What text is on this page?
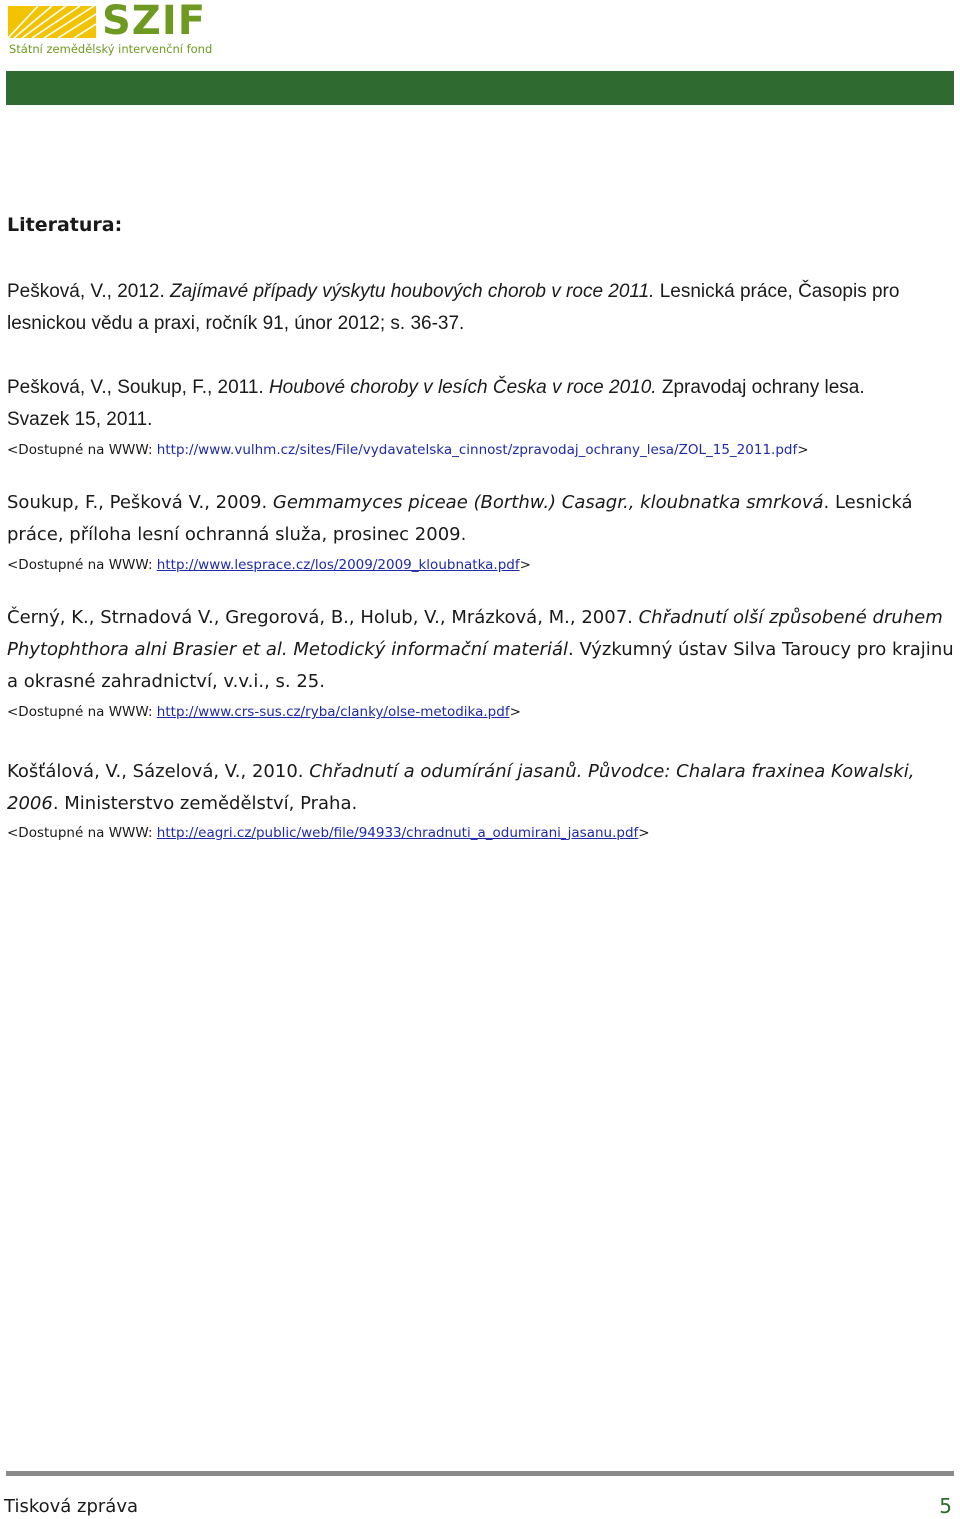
SZIF
Státní zemědělský intervenční fond
Literatura:
Pešková, V., 2012. Zajímavé případy výskytu houbových chorob v roce 2011. Lesnická práce, Časopis pro
lesnickou vědu a praxi, ročník 91, únor 2012; s. 36-37.
Pešková, V., Soukup, F., 2011. Houbové choroby v lesích Česka v roce 2010. Zpravodaj ochrany lesa.
Svazek 15, 2011.
<Dostupné na WWW: http://www.vulhm.cz/sites/File/vydavatelska_cinnost/zpravodaj_ochrany_lesa/ZOL_15_2011.pdf>
Soukup, F., Pešková V., 2009. Gemmamyces piceae (Borthw.) Casagr., kloubnatka smrková. Lesnická
práce, příloha lesní ochranná služa, prosinec 2009.
<Dostupné na WWW: http://www.lesprace.cz/los/2009/2009_kloubnatka.pdf>
Černý, K., Strnadová V., Gregorová, B., Holub, V., Mrázková, M., 2007. Chřadnutí olší způsobené druhem
Phytophthora alni Brasier et al. Metodický informační materiál. Výzkumný ústav Silva Taroucy pro krajinu
a okrasné zahradnictví, v.v.i., s. 25.
<Dostupné na WWW: http://www.crs-sus.cz/ryba/clanky/olse-metodika.pdf>
Košťálová, V., Sázelová, V., 2010. Chřadnutí a odumírání jasanů. Původce: Chalara fraxinea Kowalski,
2006. Ministerstvo zemědělství, Praha.
<Dostupné na WWW: http://eagri.cz/public/web/file/94933/chradnuti_a_odumirani_jasanu.pdf>
Tisková zpráva	5
